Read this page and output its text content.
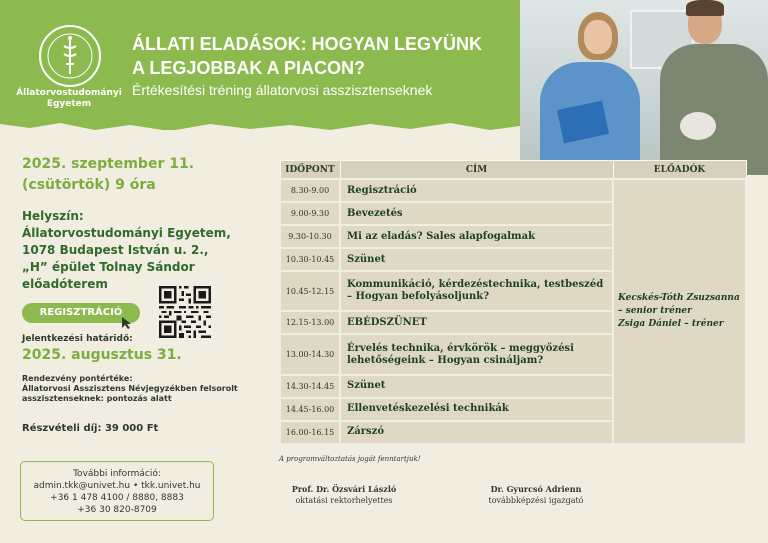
Állatorvostudományi
Egyetem
ÁLLATI ELADÁSOK: HOGYAN LEGYÜNK
A LEGJOBBAK A PIACON?
Értékesítési tréning állatorvosi asszisztenseknek
2025. szeptember 11.
(csütörtök) 9 óra
Helyszín:
Állatorvostudományi Egyetem,
1078 Budapest István u. 2.,
„H” épület Tolnay Sándor
előadóterem
REGISZTRÁCIÓ
Jelentkezési határidő:
2025. augusztus 31.
Rendezvény pontértéke:
Állatorvosi Asszisztens Névjegyzékben felsorolt
asszisztenseknek: pontozás alatt
Részvételi díj: 39 000 Ft
További információ:
admin.tkk@univet.hu • tkk.univet.hu
+36 1 478 4100 / 8880, 8883
+36 30 820-8709
IDŐPONT	CÍM	ELŐADÓK
8.30-9.00	Regisztráció	Kecskés-Tóth Zsuzsanna
– senior tréner
Zsiga Dániel – tréner

9.00-9.30	Bevezetés	
9.30-10.30	Mi az eladás? Sales alapfogalmak	
10.30-10.45	Szünet	
10.45-12.15	Kommunikáció, kérdezéstechnika, testbeszéd – Hogyan befolyásoljunk?	
12.15-13.00	EBÉDSZÜNET	
13.00-14.30	Érvelés technika, érvkörök – meggyőzési lehetőségeink – Hogyan csináljam?	
14.30-14.45	Szünet	
14.45-16.00	Ellenvetéskezelési technikák	
16.00-16.15	Zárszó	
A programváltoztatás jogát fenntartjuk!
Prof. Dr. Özsvári László
oktatási rektorhelyettes
Dr. Gyurcsó Adrienn
továbbképzési igazgató
